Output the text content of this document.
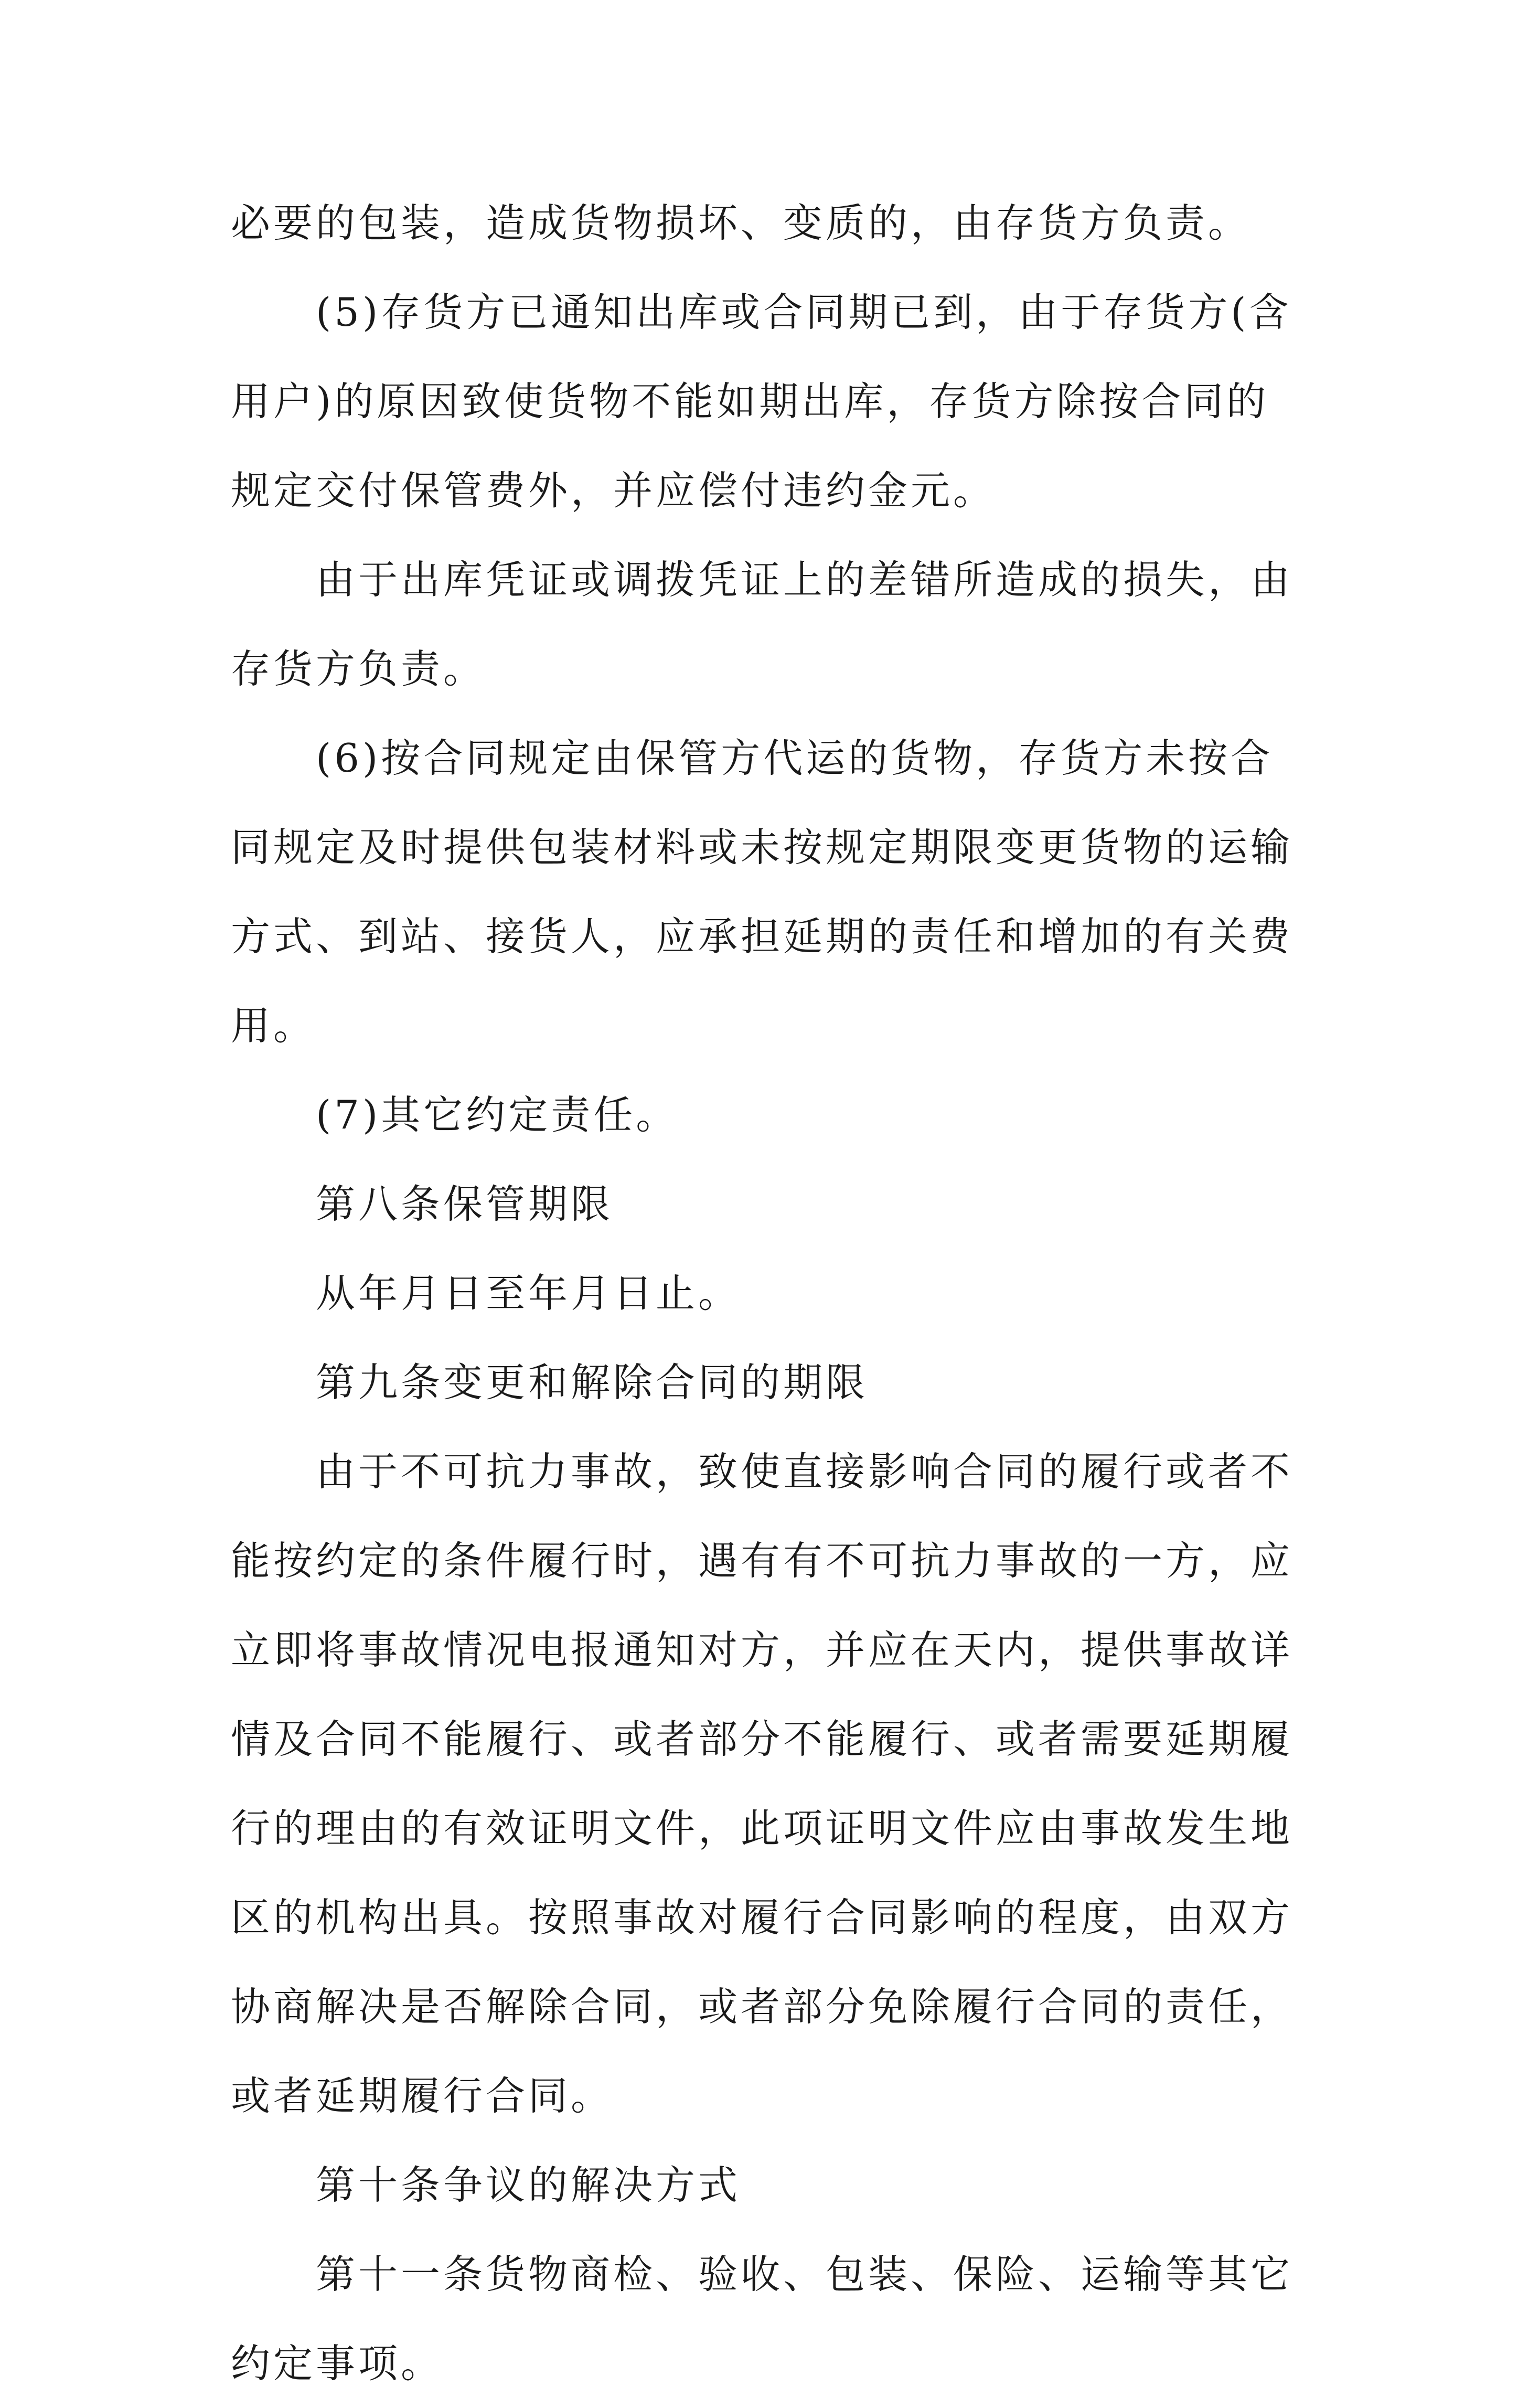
必要的包装，造成货物损坏、变质的，由存货方负责。

(5)存货方已通知出库或合同期已到，由于存货方(含用户)的原因致使货物不能如期出库，存货方除按合同的规定交付保管费外，并应偿付违约金元。

由于出库凭证或调拨凭证上的差错所造成的损失，由存货方负责。

(6)按合同规定由保管方代运的货物，存货方未按合同规定及时提供包装材料或未按规定期限变更货物的运输方式、到站、接货人，应承担延期的责任和增加的有关费用。

(7)其它约定责任。

第八条保管期限

从年月日至年月日止。

第九条变更和解除合同的期限

由于不可抗力事故，致使直接影响合同的履行或者不能按约定的条件履行时，遇有有不可抗力事故的一方，应立即将事故情况电报通知对方，并应在天内，提供事故详情及合同不能履行、或者部分不能履行、或者需要延期履行的理由的有效证明文件，此项证明文件应由事故发生地区的机构出具。按照事故对履行合同影响的程度，由双方协商解决是否解除合同，或者部分免除履行合同的责任，或者延期履行合同。

第十条争议的解决方式

第十一条货物商检、验收、包装、保险、运输等其它约定事项。
